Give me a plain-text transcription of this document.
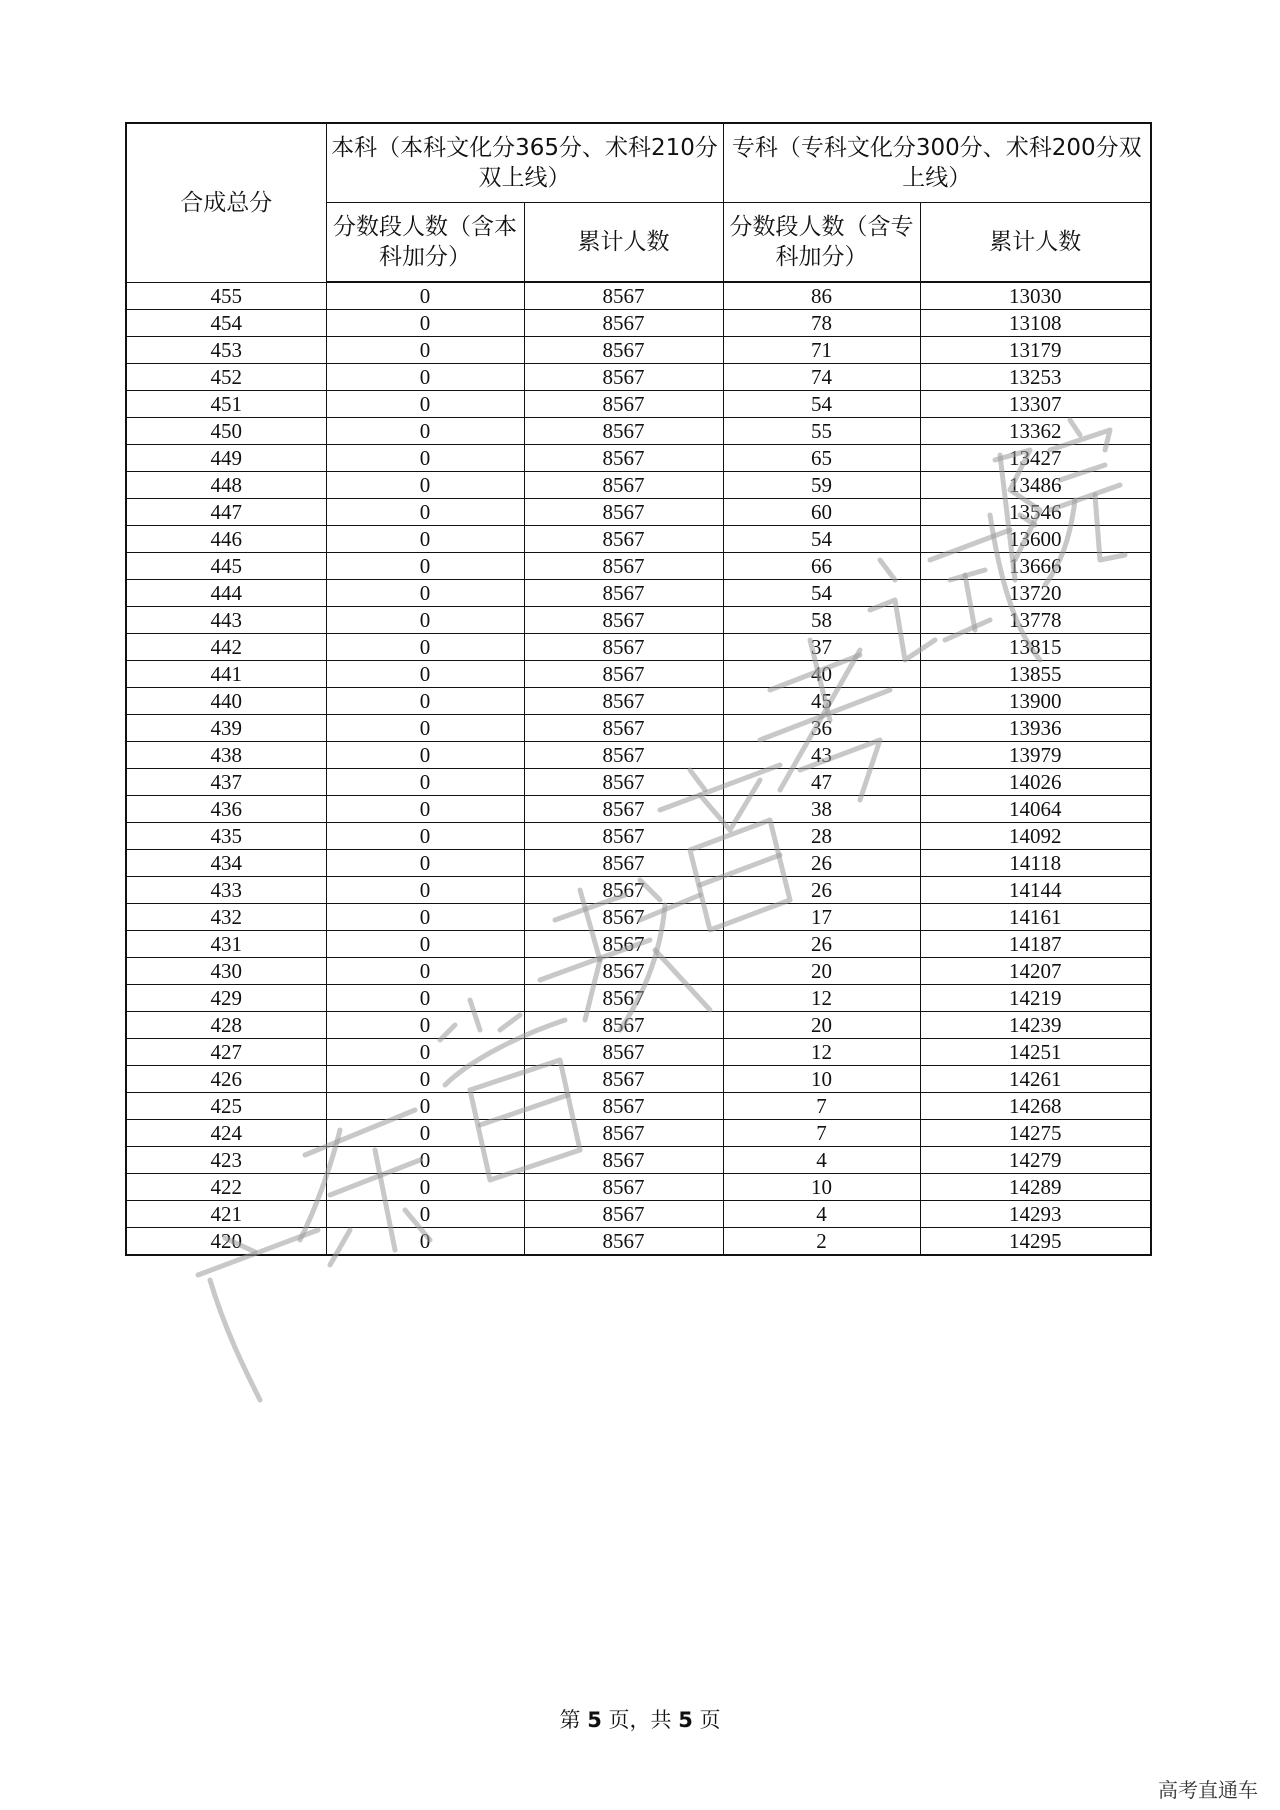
合成总分	本科（本科文化分365分、术科210分双上线）		专科（专科文化分300分、术科200分双上线）	
	分数段人数（含本科加分）	累计人数	分数段人数（含专科加分）	累计人数
455	0	8567	86	13030
454	0	8567	78	13108
453	0	8567	71	13179
452	0	8567	74	13253
451	0	8567	54	13307
450	0	8567	55	13362
449	0	8567	65	13427
448	0	8567	59	13486
447	0	8567	60	13546
446	0	8567	54	13600
445	0	8567	66	13666
444	0	8567	54	13720
443	0	8567	58	13778
442	0	8567	37	13815
441	0	8567	40	13855
440	0	8567	45	13900
439	0	8567	36	13936
438	0	8567	43	13979
437	0	8567	47	14026
436	0	8567	38	14064
435	0	8567	28	14092
434	0	8567	26	14118
433	0	8567	26	14144
432	0	8567	17	14161
431	0	8567	26	14187
430	0	8567	20	14207
429	0	8567	12	14219
428	0	8567	20	14239
427	0	8567	12	14251
426	0	8567	10	14261
425	0	8567	7	14268
424	0	8567	7	14275
423	0	8567	4	14279
422	0	8567	10	14289
421	0	8567	4	14293
420	0	8567	2	14295
第 5 页，共 5 页
高考直通车
